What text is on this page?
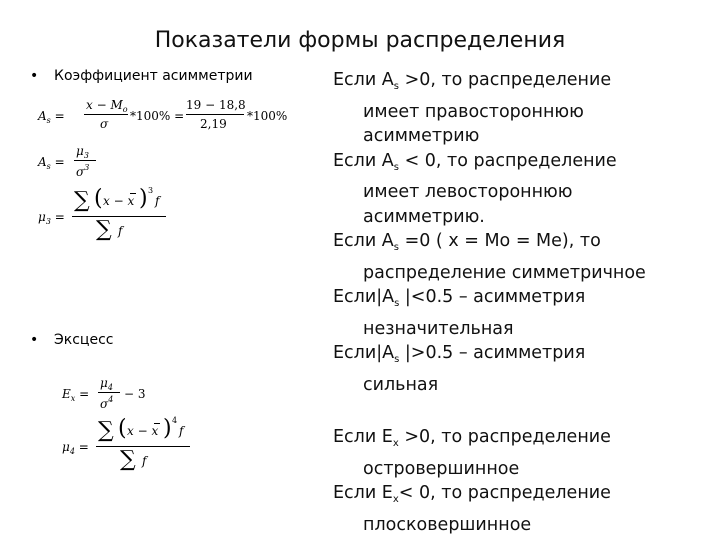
Показатели формы распределения
•	Коэффициент асимметрии
$A_s$ =
$x - M_o$
σ
*100% =
19 − 18,8
2,19
*100%
$A_s$ =
$\mu_3$
$\sigma^3$
$\mu_3$ =
∑ ( x − x ) 3
f
∑ f
•	Эксцесс
$E_x$ =
$\mu_4$
$\sigma^4 - 3$
$\mu_4$ =
∑ ( x − x ) 4
f
∑ f
Если $A_s >0$, то распределение
имеет правостороннюю
асимметрию
Если $A_s < 0$, то распределение
имеет левостороннюю
асимметрию.
Если $A_s =0$ ( x = Mo = Me), то
распределение симметричное
$Если|A_s$ |<0.5 – асимметрия
незначительная
$Если|A_s$ |>0.5 – асимметрия
сильная
Если $E_x >0$, то распределение
островершинное
Если $E_x< 0$, то распределение
плосковершинное
